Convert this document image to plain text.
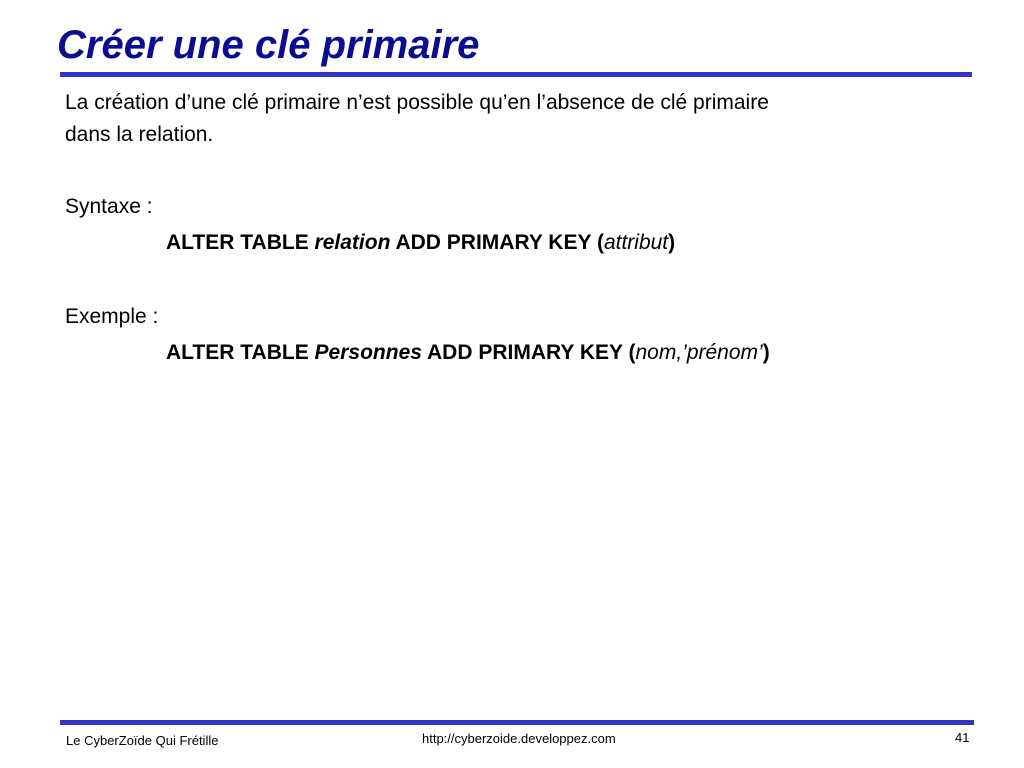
Créer une clé primaire
La création d’une clé primaire n’est possible qu’en l’absence de clé primaire
dans la relation.
Syntaxe :
ALTER TABLE relation ADD PRIMARY KEY (attribut)
Exemple :
ALTER TABLE Personnes ADD PRIMARY KEY (nom,’prénom’)
Le CyberZoïde Qui Frétille	http://cyberzoide.developpez.com	41
